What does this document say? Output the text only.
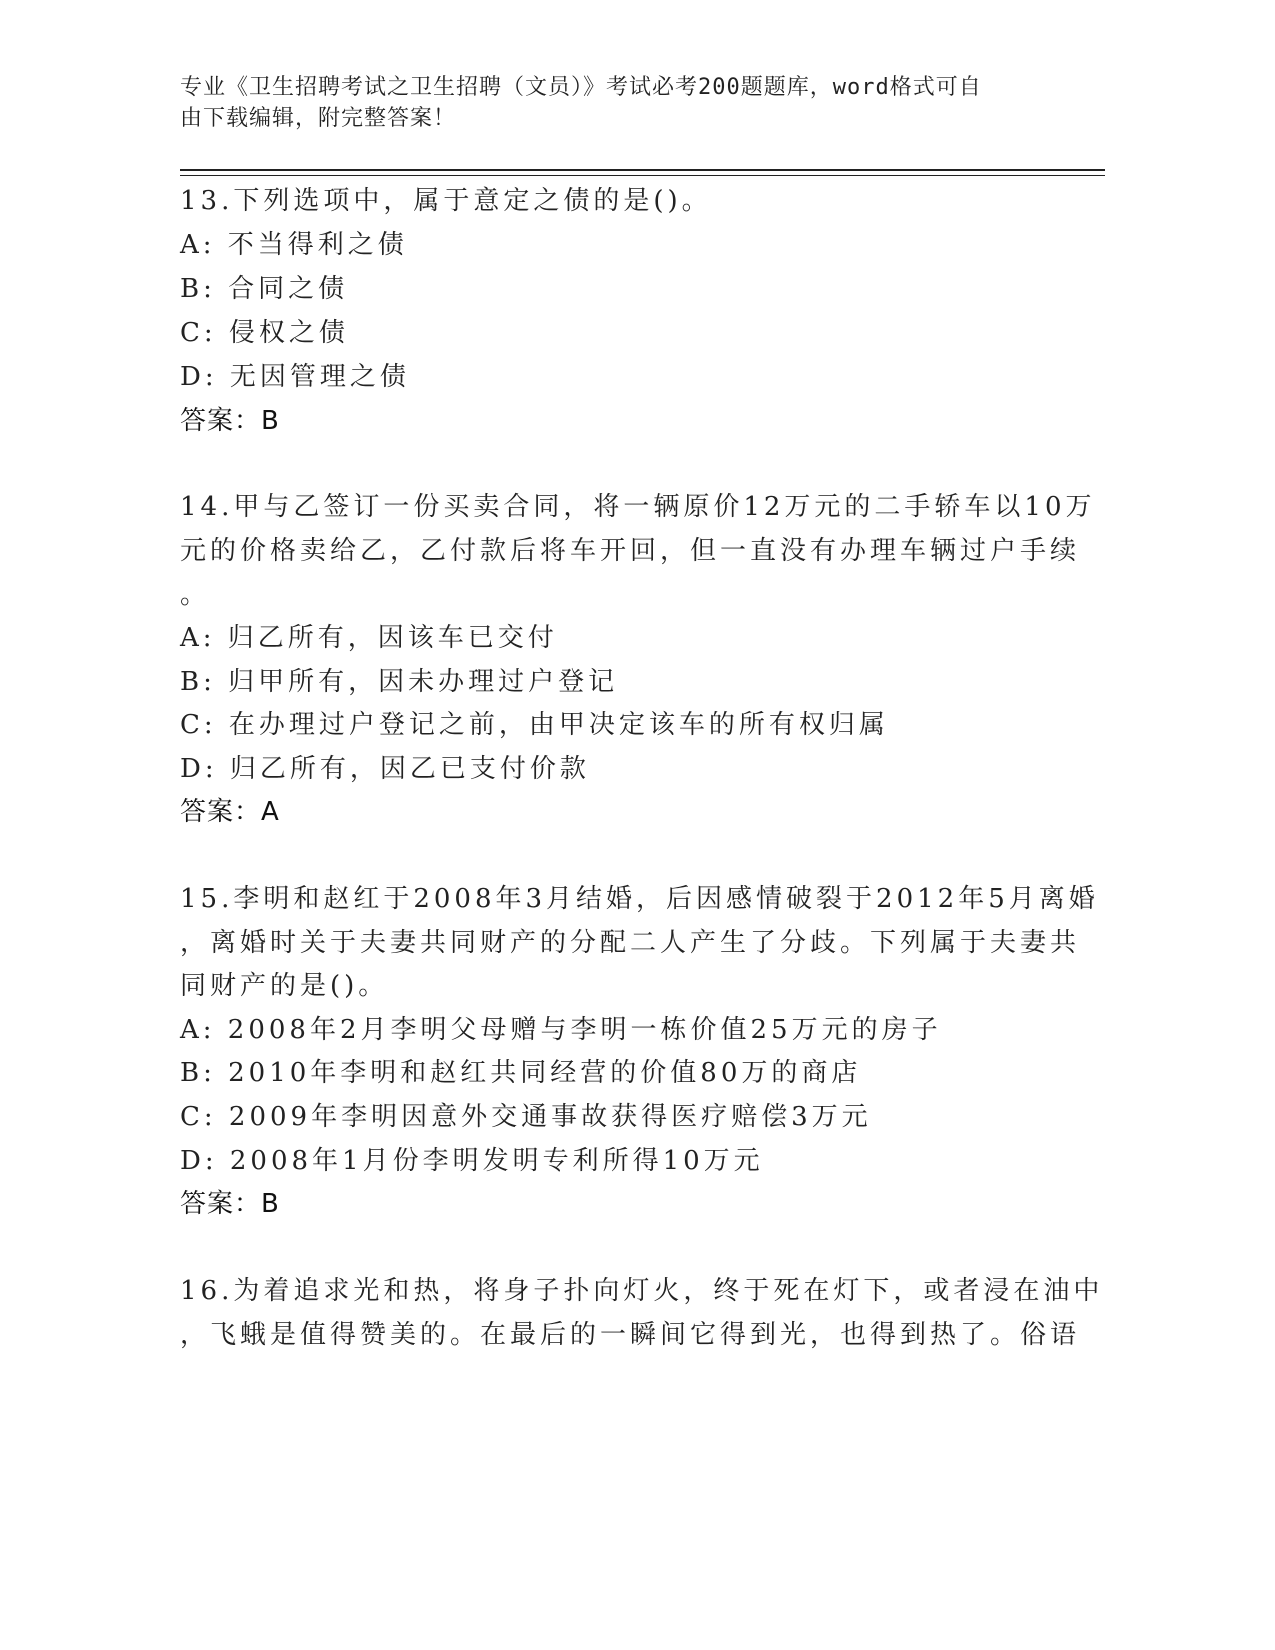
专业《卫生招聘考试之卫生招聘（文员）》考试必考200题题库，word格式可自
由下载编辑，附完整答案！
13.下列选项中，属于意定之债的是()。
A: 不当得利之债
B: 合同之债
C: 侵权之债
D: 无因管理之债
答案：B
14.甲与乙签订一份买卖合同，将一辆原价12万元的二手轿车以10万
元的价格卖给乙，乙付款后将车开回，但一直没有办理车辆过户手续
。
A: 归乙所有，因该车已交付
B: 归甲所有，因未办理过户登记
C: 在办理过户登记之前，由甲决定该车的所有权归属
D: 归乙所有，因乙已支付价款
答案：A
15.李明和赵红于2008年3月结婚，后因感情破裂于2012年5月离婚
，离婚时关于夫妻共同财产的分配二人产生了分歧。下列属于夫妻共
同财产的是()。
A: 2008年2月李明父母赠与李明一栋价值25万元的房子
B: 2010年李明和赵红共同经营的价值80万的商店
C: 2009年李明因意外交通事故获得医疗赔偿3万元
D: 2008年1月份李明发明专利所得10万元
答案：B
16.为着追求光和热，将身子扑向灯火，终于死在灯下，或者浸在油中
，飞蛾是值得赞美的。在最后的一瞬间它得到光，也得到热了。俗语
